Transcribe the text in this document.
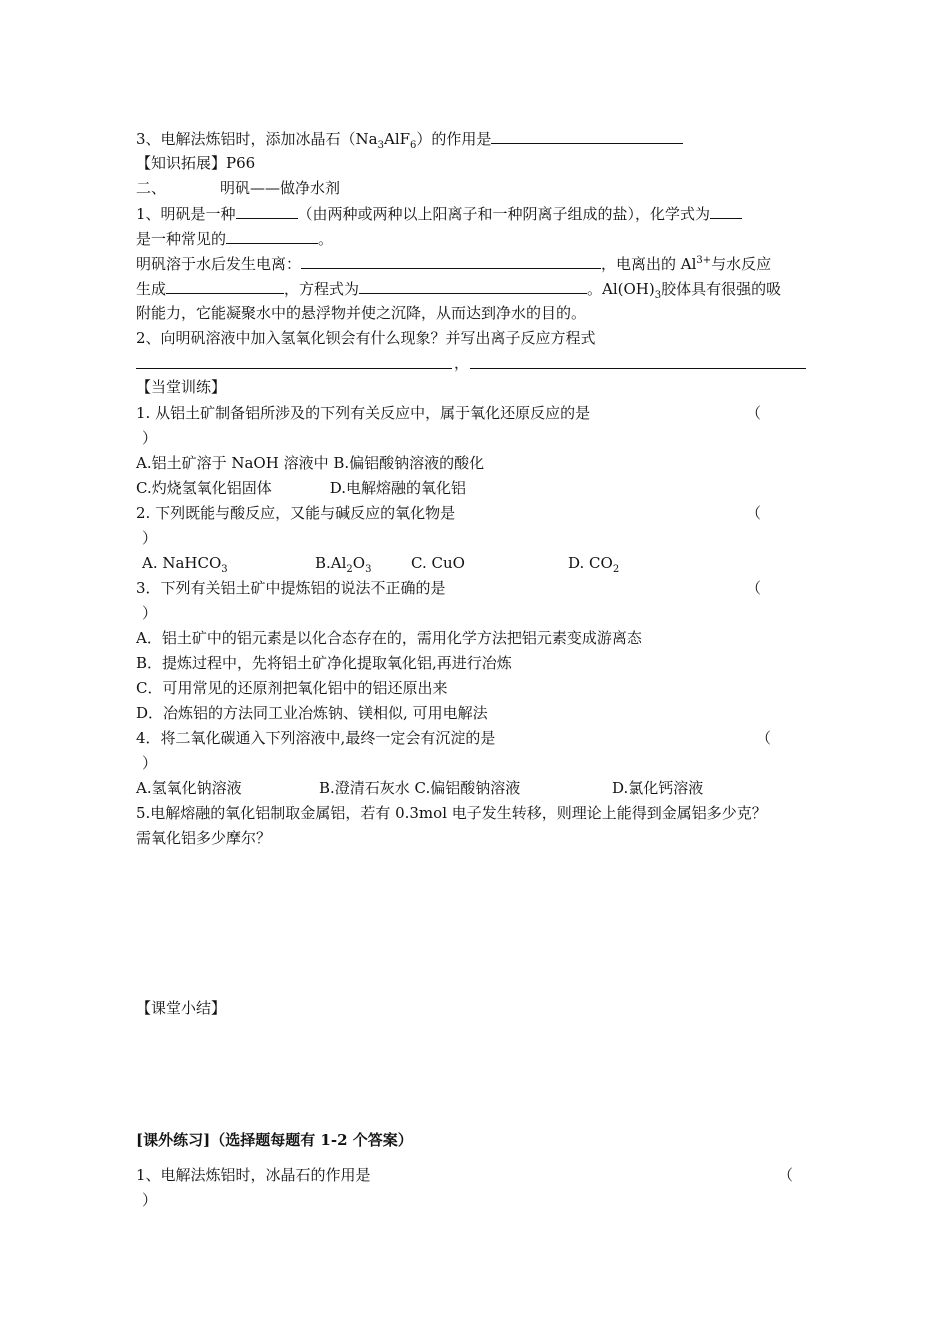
3、电解法炼铝时，添加冰晶石$(Na_3AlF_6)$的作用是
【知识拓展】P66
二、	明矾——做净水剂
1、明矾是一种	（由两种或两种以上阳离子和一种阴离子组成的盐），化学式为
是一种常见的	。
明矾溶于水后发生电离：	，电离出的 $Al^{3+}$与水反应
生成	，方程式为	。$Al(OH)_3$胶体具有很强的吸
附能力，它能凝聚水中的悬浮物并使之沉降，从而达到净水的目的。
2、向明矾溶液中加入氢氧化钡会有什么现象？并写出离子反应方程式
，
【当堂训练】
1. 从铝土矿制备铝所涉及的下列有关反应中，属于氧化还原反应的是	（
）
A.铝土矿溶于 NaOH 溶液中 B.偏铝酸钠溶液的酸化
C.灼烧氢氧化铝固体	D.电解熔融的氧化铝
2. 下列既能与酸反应，又能与碱反应的氧化物是	（
）
A. NaHCO$_3$	$B.Al_2O_3$	C. CuO	D. $CO_2$
3．下列有关铝土矿中提炼铝的说法不正确的是	（
）
A．铝土矿中的铝元素是以化合态存在的，需用化学方法把铝元素变成游离态
B．提炼过程中，先将铝土矿净化提取氧化铝,再进行冶炼
C．可用常见的还原剂把氧化铝中的铝还原出来
D．冶炼铝的方法同工业冶炼钠、镁相似, 可用电解法
4．将二氧化碳通入下列溶液中,最终一定会有沉淀的是	（
）
A.氢氧化钠溶液	B.澄清石灰水 C.偏铝酸钠溶液	D.氯化钙溶液
5.电解熔融的氧化铝制取金属铝，若有 0.3mol 电子发生转移，则理论上能得到金属铝多少克？
需氧化铝多少摩尔？
【课堂小结】
[课外练习]（选择题每题有 1-2 个答案）
1、电解法炼铝时，冰晶石的作用是	（
）
